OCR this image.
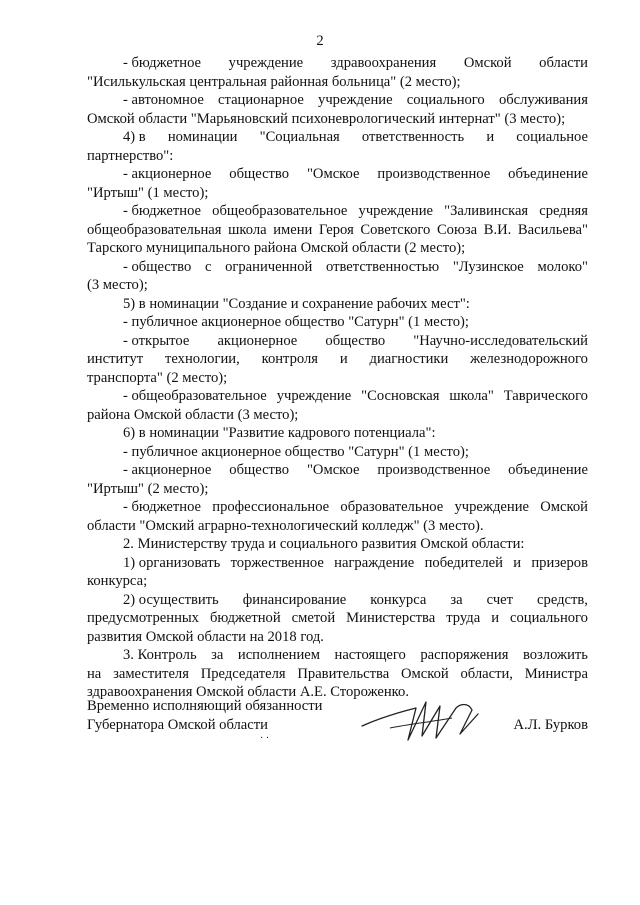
2
- бюджетное учреждение здравоохранения Омской области
"Исилькульская центральная районная больница" (2 место);
- автономное стационарное учреждение социального обслуживания
Омской области "Марьяновский психоневрологический интернат" (3 место);
4) в номинации "Социальная ответственность и социальное
партнерство":
- акционерное общество "Омское производственное объединение
"Иртыш" (1 место);
- бюджетное общеобразовательное учреждение "Заливинская средняя
общеобразовательная школа имени Героя Советского Союза В.И. Васильева"
Тарского муниципального района Омской области (2 место);
- общество с ограниченной ответственностью "Лузинское молоко"
(3 место);
5) в номинации "Создание и сохранение рабочих мест":
- публичное акционерное общество "Сатурн" (1 место);
- открытое акционерное общество "Научно-исследовательский
институт технологии, контроля и диагностики железнодорожного
транспорта" (2 место);
- общеобразовательное учреждение "Сосновская школа" Таврического
района Омской области (3 место);
6) в номинации "Развитие кадрового потенциала":
- публичное акционерное общество "Сатурн" (1 место);
- акционерное общество "Омское производственное объединение
"Иртыш" (2 место);
- бюджетное профессиональное образовательное учреждение Омской
области "Омский аграрно-технологический колледж" (3 место).
2. Министерству труда и социального развития Омской области:
1) организовать торжественное награждение победителей и призеров
конкурса;
2) осуществить финансирование конкурса за счет средств,
предусмотренных бюджетной сметой Министерства труда и социального
развития Омской области на 2018 год.
3. Контроль за исполнением настоящего распоряжения возложить
на заместителя Председателя Правительства Омской области, Министра
здравоохранения Омской области А.Е. Стороженко.
Временно исполняющий обязанности
Губернатора Омской области	А.Л. Бурков
· ·
